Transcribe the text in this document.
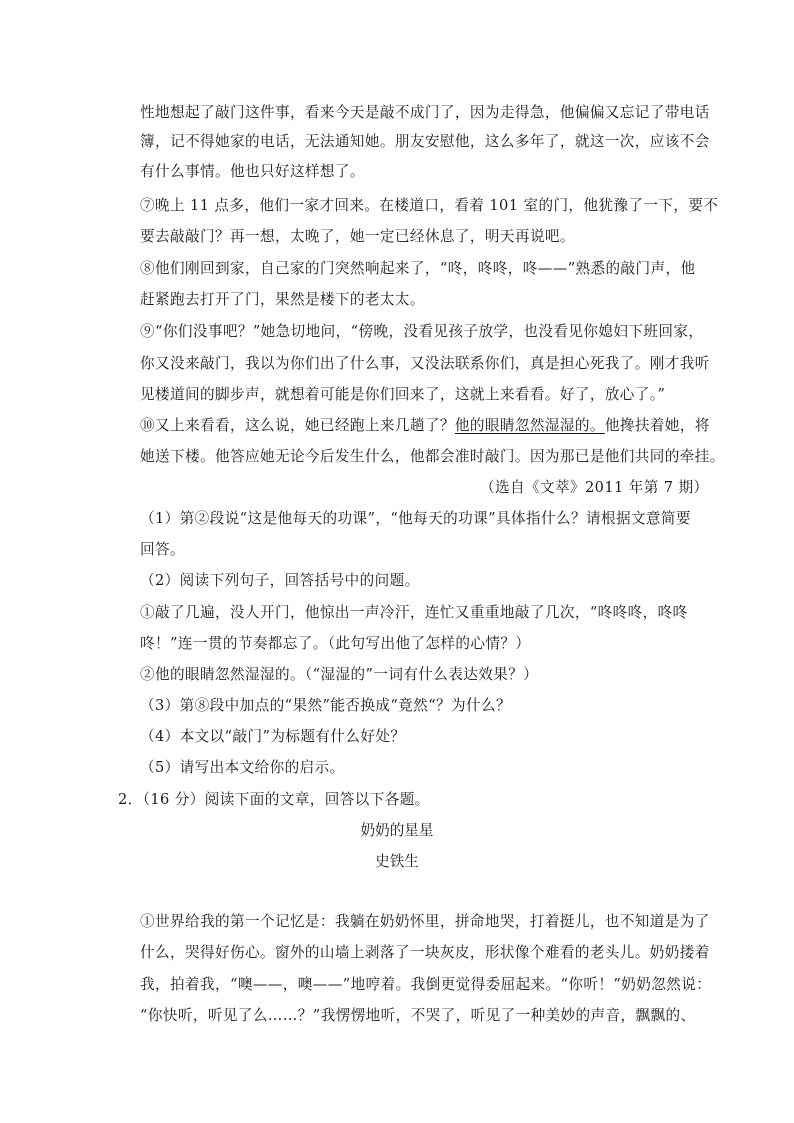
性地想起了敲门这件事，看来今天是敲不成门了，因为走得急，他偏偏又忘记了带电话
簿，记不得她家的电话，无法通知她。朋友安慰他，这么多年了，就这一次，应该不会
有什么事情。他也只好这样想了。
⑦晚上 11 点多，他们一家才回来。在楼道口，看着 101 室的门，他犹豫了一下，要不
要去敲敲门？再一想，太晚了，她一定已经休息了，明天再说吧。
⑧他们刚回到家，自己家的门突然响起来了，“咚，咚咚，咚——”熟悉的敲门声，他
赶紧跑去打开了门，果然是楼下的老太太。
⑨“你们没事吧？”她急切地问，“傍晚，没看见孩子放学，也没看见你媳妇下班回家，
你又没来敲门，我以为你们出了什么事，又没法联系你们，真是担心死我了。刚才我听
见楼道间的脚步声，就想着可能是你们回来了，这就上来看看。好了，放心了。”
⑩又上来看看，这么说，她已经跑上来几趟了？他的眼睛忽然湿湿的。他搀扶着她，将
她送下楼。他答应她无论今后发生什么，他都会准时敲门。因为那已是他们共同的牵挂。
（选自《文萃》2011 年第 7 期）
（1）第②段说“这是他每天的功课”，“他每天的功课”具体指什么？请根据文意简要
回答。
（2）阅读下列句子，回答括号中的问题。
①敲了几遍，没人开门，他惊出一声冷汗，连忙又重重地敲了几次，“咚咚咚，咚咚
咚！”连一贯的节奏都忘了。（此句写出他了怎样的心情？）
②他的眼睛忽然湿湿的。（“湿湿的”一词有什么表达效果？）
（3）第⑧段中加点的“果然”能否换成“竟然“？为什么？
（4）本文以“敲门”为标题有什么好处？
（5）请写出本文给你的启示。
2．（16 分）阅读下面的文章，回答以下各题。
奶奶的星星
史铁生
①世界给我的第一个记忆是：我躺在奶奶怀里，拼命地哭，打着挺儿，也不知道是为了
什么，哭得好伤心。窗外的山墙上剥落了一块灰皮，形状像个难看的老头儿。奶奶搂着
我，拍着我，“噢——，噢——”地哼着。我倒更觉得委屈起来。“你听！”奶奶忽然说：
“你快听，听见了么……？”我愣愣地听，不哭了，听见了一种美妙的声音，飘飘的、
